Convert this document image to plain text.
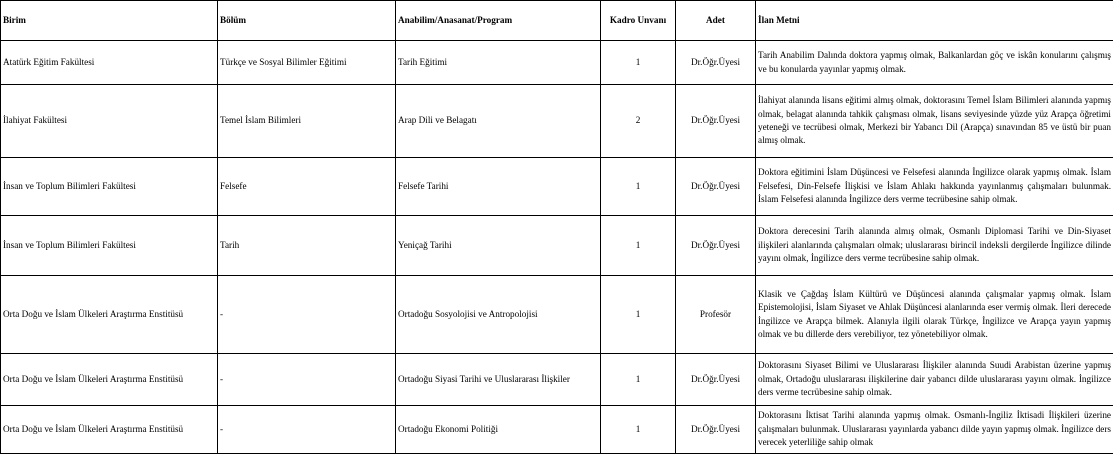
Birim	Bölüm	Anabilim/Anasanat/Program	Kadro Unvanı	Adet	İlan Metni
Atatürk Eğitim Fakültesi	Türkçe ve Sosyal Bilimler Eğitimi	Tarih Eğitimi	1	Dr.Öğr.Üyesi	Tarih Anabilim Dalında doktora yapmış olmak, Balkanlardan göç ve iskân konularını çalışmış ve bu konularda yayınlar yapmış olmak.
İlahiyat Fakültesi	Temel İslam Bilimleri	Arap Dili ve Belagatı	2	Dr.Öğr.Üyesi	İlahiyat alanında lisans eğitimi almış olmak, doktorasını Temel İslam Bilimleri alanında yapmış olmak, belagat alanında tahkik çalışması olmak, lisans seviyesinde yüzde yüz Arapça öğretimi yeteneği ve tecrübesi olmak, Merkezi bir Yabancı Dil (Arapça) sınavından 85 ve üstü bir puan almış olmak.
İnsan ve Toplum Bilimleri Fakültesi	Felsefe	Felsefe Tarihi	1	Dr.Öğr.Üyesi	Doktora eğitimini İslam Düşüncesi ve Felsefesi alanında İngilizce olarak yapmış olmak. İslam Felsefesi, Din-Felsefe İlişkisi ve İslam Ahlakı hakkında yayınlanmış çalışmaları bulunmak. İslam Felsefesi alanında İngilizce ders verme tecrübesine sahip olmak.
İnsan ve Toplum Bilimleri Fakültesi	Tarih	Yeniçağ Tarihi	1	Dr.Öğr.Üyesi	Doktora derecesini Tarih alanında almış olmak, Osmanlı Diplomasi Tarihi ve Din-Siyaset ilişkileri alanlarında çalışmaları olmak; uluslararası birincil indeksli dergilerde İngilizce dilinde yayını olmak, İngilizce ders verme tecrübesine sahip olmak.
Orta Doğu ve İslam Ülkeleri Araştırma Enstitüsü	-	Ortadoğu Sosyolojisi ve Antropolojisi	1	Profesör	Klasik ve Çağdaş İslam Kültürü ve Düşüncesi alanında çalışmalar yapmış olmak. İslam Epistemolojisi, İslam Siyaset ve Ahlak Düşüncesi alanlarında eser vermiş olmak. İleri derecede İngilizce ve Arapça bilmek. Alanıyla ilgili olarak Türkçe, İngilizce ve Arapça yayın yapmış olmak ve bu dillerde ders verebiliyor, tez yönetebiliyor olmak.
Orta Doğu ve İslam Ülkeleri Araştırma Enstitüsü	-	Ortadoğu Siyasi Tarihi ve Uluslararası İlişkiler	1	Dr.Öğr.Üyesi	Doktorasını Siyaset Bilimi ve Uluslararası İlişkiler alanında Suudi Arabistan üzerine yapmış olmak, Ortadoğu uluslararası ilişkilerine dair yabancı dilde uluslararası yayını olmak. İngilizce ders verme tecrübesine sahip olmak.
Orta Doğu ve İslam Ülkeleri Araştırma Enstitüsü	-	Ortadoğu Ekonomi Politiği	1	Dr.Öğr.Üyesi	Doktorasını İktisat Tarihi alanında yapmış olmak. Osmanlı-İngiliz İktisadi İlişkileri üzerine çalışmaları bulunmak. Uluslararası yayınlarda yabancı dilde yayın yapmış olmak. İngilizce ders verecek yeterliliğe sahip olmak
